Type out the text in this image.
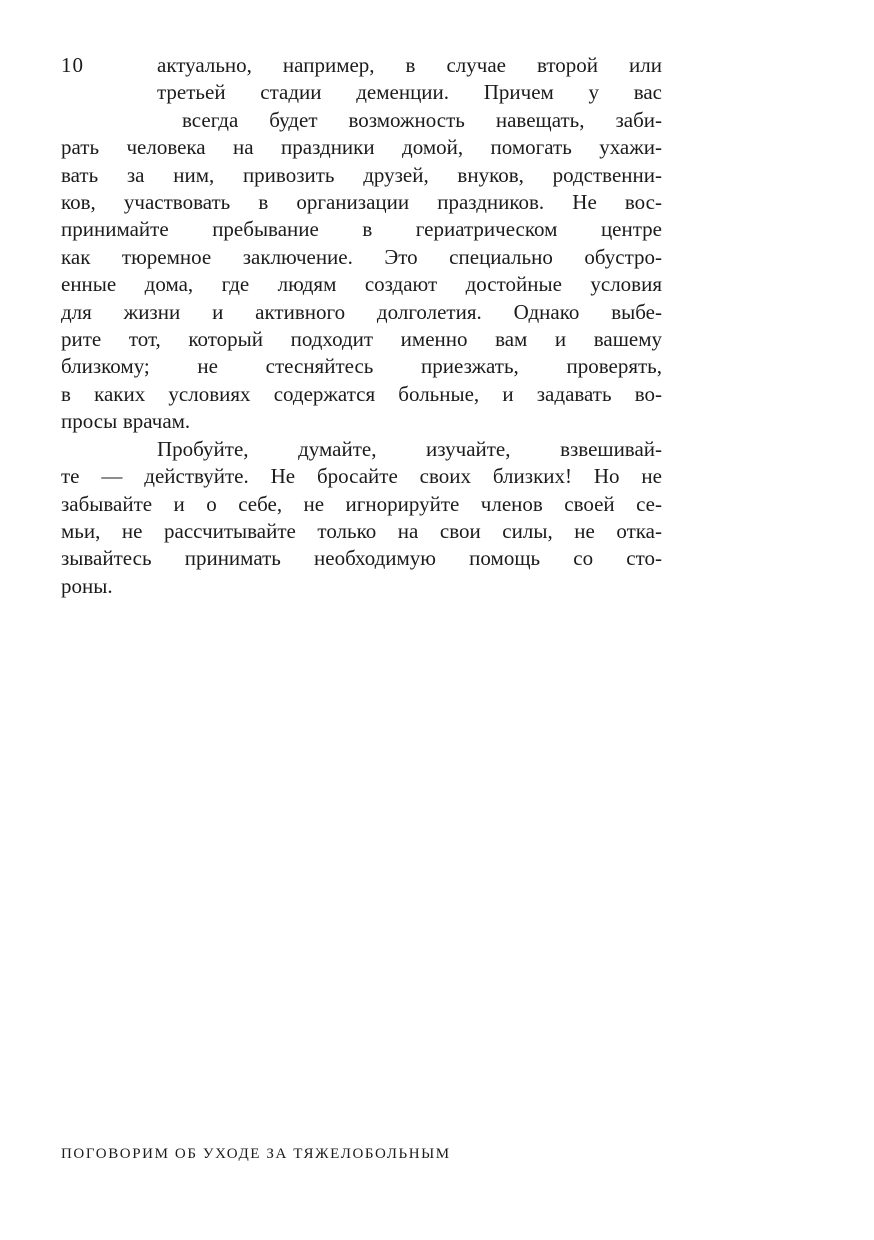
10	актуально, например, в случае второй или
третьей стадии деменции. Причем у вас
всегда будет возможность навещать, заби-
рать человека на праздники домой, помогать ухажи-
вать за ним, привозить друзей, внуков, родственни-
ков, участвовать в организации праздников. Не вос-
принимайте пребывание в гериатрическом центре
как тюремное заключение. Это специально обустро-
енные дома, где людям создают достойные условия
для жизни и активного долголетия. Однако выбе-
рите тот, который подходит именно вам и вашему
близкому; не стесняйтесь приезжать, проверять,
в каких условиях содержатся больные, и задавать во-
просы врачам.
Пробуйте, думайте, изучайте, взвешивай-
те — действуйте. Не бросайте своих близких! Но не
забывайте и о себе, не игнорируйте членов своей се-
мьи, не рассчитывайте только на свои силы, не отка-
зывайтесь принимать необходимую помощь со сто-
роны.
ПОГОВОРИМ ОБ УХОДЕ ЗА ТЯЖЕЛОБОЛЬНЫМ
